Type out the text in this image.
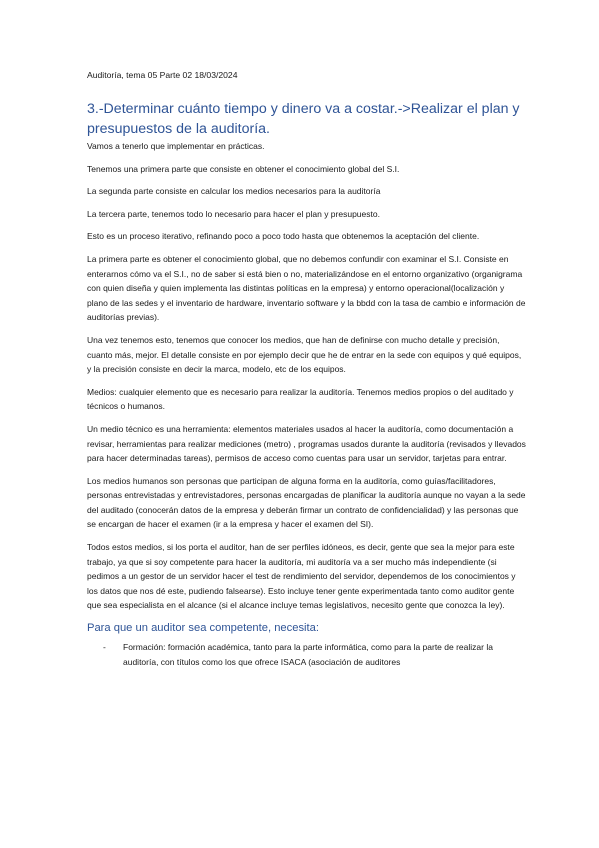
Auditoría, tema 05 Parte 02 18/03/2024
3.-Determinar cuánto tiempo y dinero va a costar.->Realizar el plan y presupuestos de la auditoría.

Vamos a tenerlo que implementar en prácticas.

Tenemos una primera parte que consiste en obtener el conocimiento global del S.I.

La segunda parte consiste en calcular los medios necesarios para la auditoría

La tercera parte, tenemos todo lo necesario para hacer el plan y presupuesto.

Esto es un proceso iterativo, refinando poco a poco todo hasta que obtenemos la aceptación del cliente.

La primera parte es obtener el conocimiento global, que no debemos confundir con examinar el S.I. Consiste en enterarnos cómo va el S.I., no de saber si está bien o no, materializándose en el entorno organizativo (organigrama con quien diseña y quien implementa las distintas políticas en la empresa) y entorno operacional(localización y plano de las sedes y el inventario de hardware, inventario software y la bbdd con la tasa de cambio e información de auditorías previas).

Una vez tenemos esto, tenemos que conocer los medios, que han de definirse con mucho detalle y precisión, cuanto más, mejor. El detalle consiste en por ejemplo decir que he de entrar en la sede con equipos y qué equipos, y la precisión consiste en decir la marca, modelo, etc de los equipos.

Medios: cualquier elemento que es necesario para realizar la auditoría. Tenemos medios propios o del auditado y técnicos o humanos.

Un medio técnico es una herramienta: elementos materiales usados al hacer la auditoría, como documentación a revisar, herramientas para realizar mediciones (metro) , programas usados durante la auditoría (revisados y llevados para hacer determinadas tareas), permisos de acceso como cuentas para usar un servidor, tarjetas para entrar.

Los medios humanos son personas que participan de alguna forma en la auditoría, como guías/facilitadores, personas entrevistadas y entrevistadores, personas encargadas de planificar la auditoría aunque no vayan a la sede del auditado (conocerán datos de la empresa y deberán firmar un contrato de confidencialidad) y las personas que se encargan de hacer el examen (ir a la empresa y hacer el examen del SI).

Todos estos medios, si los porta el auditor, han de ser perfiles idóneos, es decir, gente que sea la mejor para este trabajo, ya que si soy competente para hacer la auditoría, mi auditoría va a ser mucho más independiente (si pedimos a un gestor de un servidor hacer el test de rendimiento del servidor, dependemos de los conocimientos y los datos que nos dé este, pudiendo falsearse). Esto incluye tener gente experimentada tanto como auditor gente que sea especialista en el alcance (si el alcance incluye temas legislativos, necesito gente que conozca la ley).

Para que un auditor sea competente, necesita:
- Formación: formación académica, tanto para la parte informática, como para la parte de realizar la auditoría, con títulos como los que ofrece ISACA (asociación de auditores
